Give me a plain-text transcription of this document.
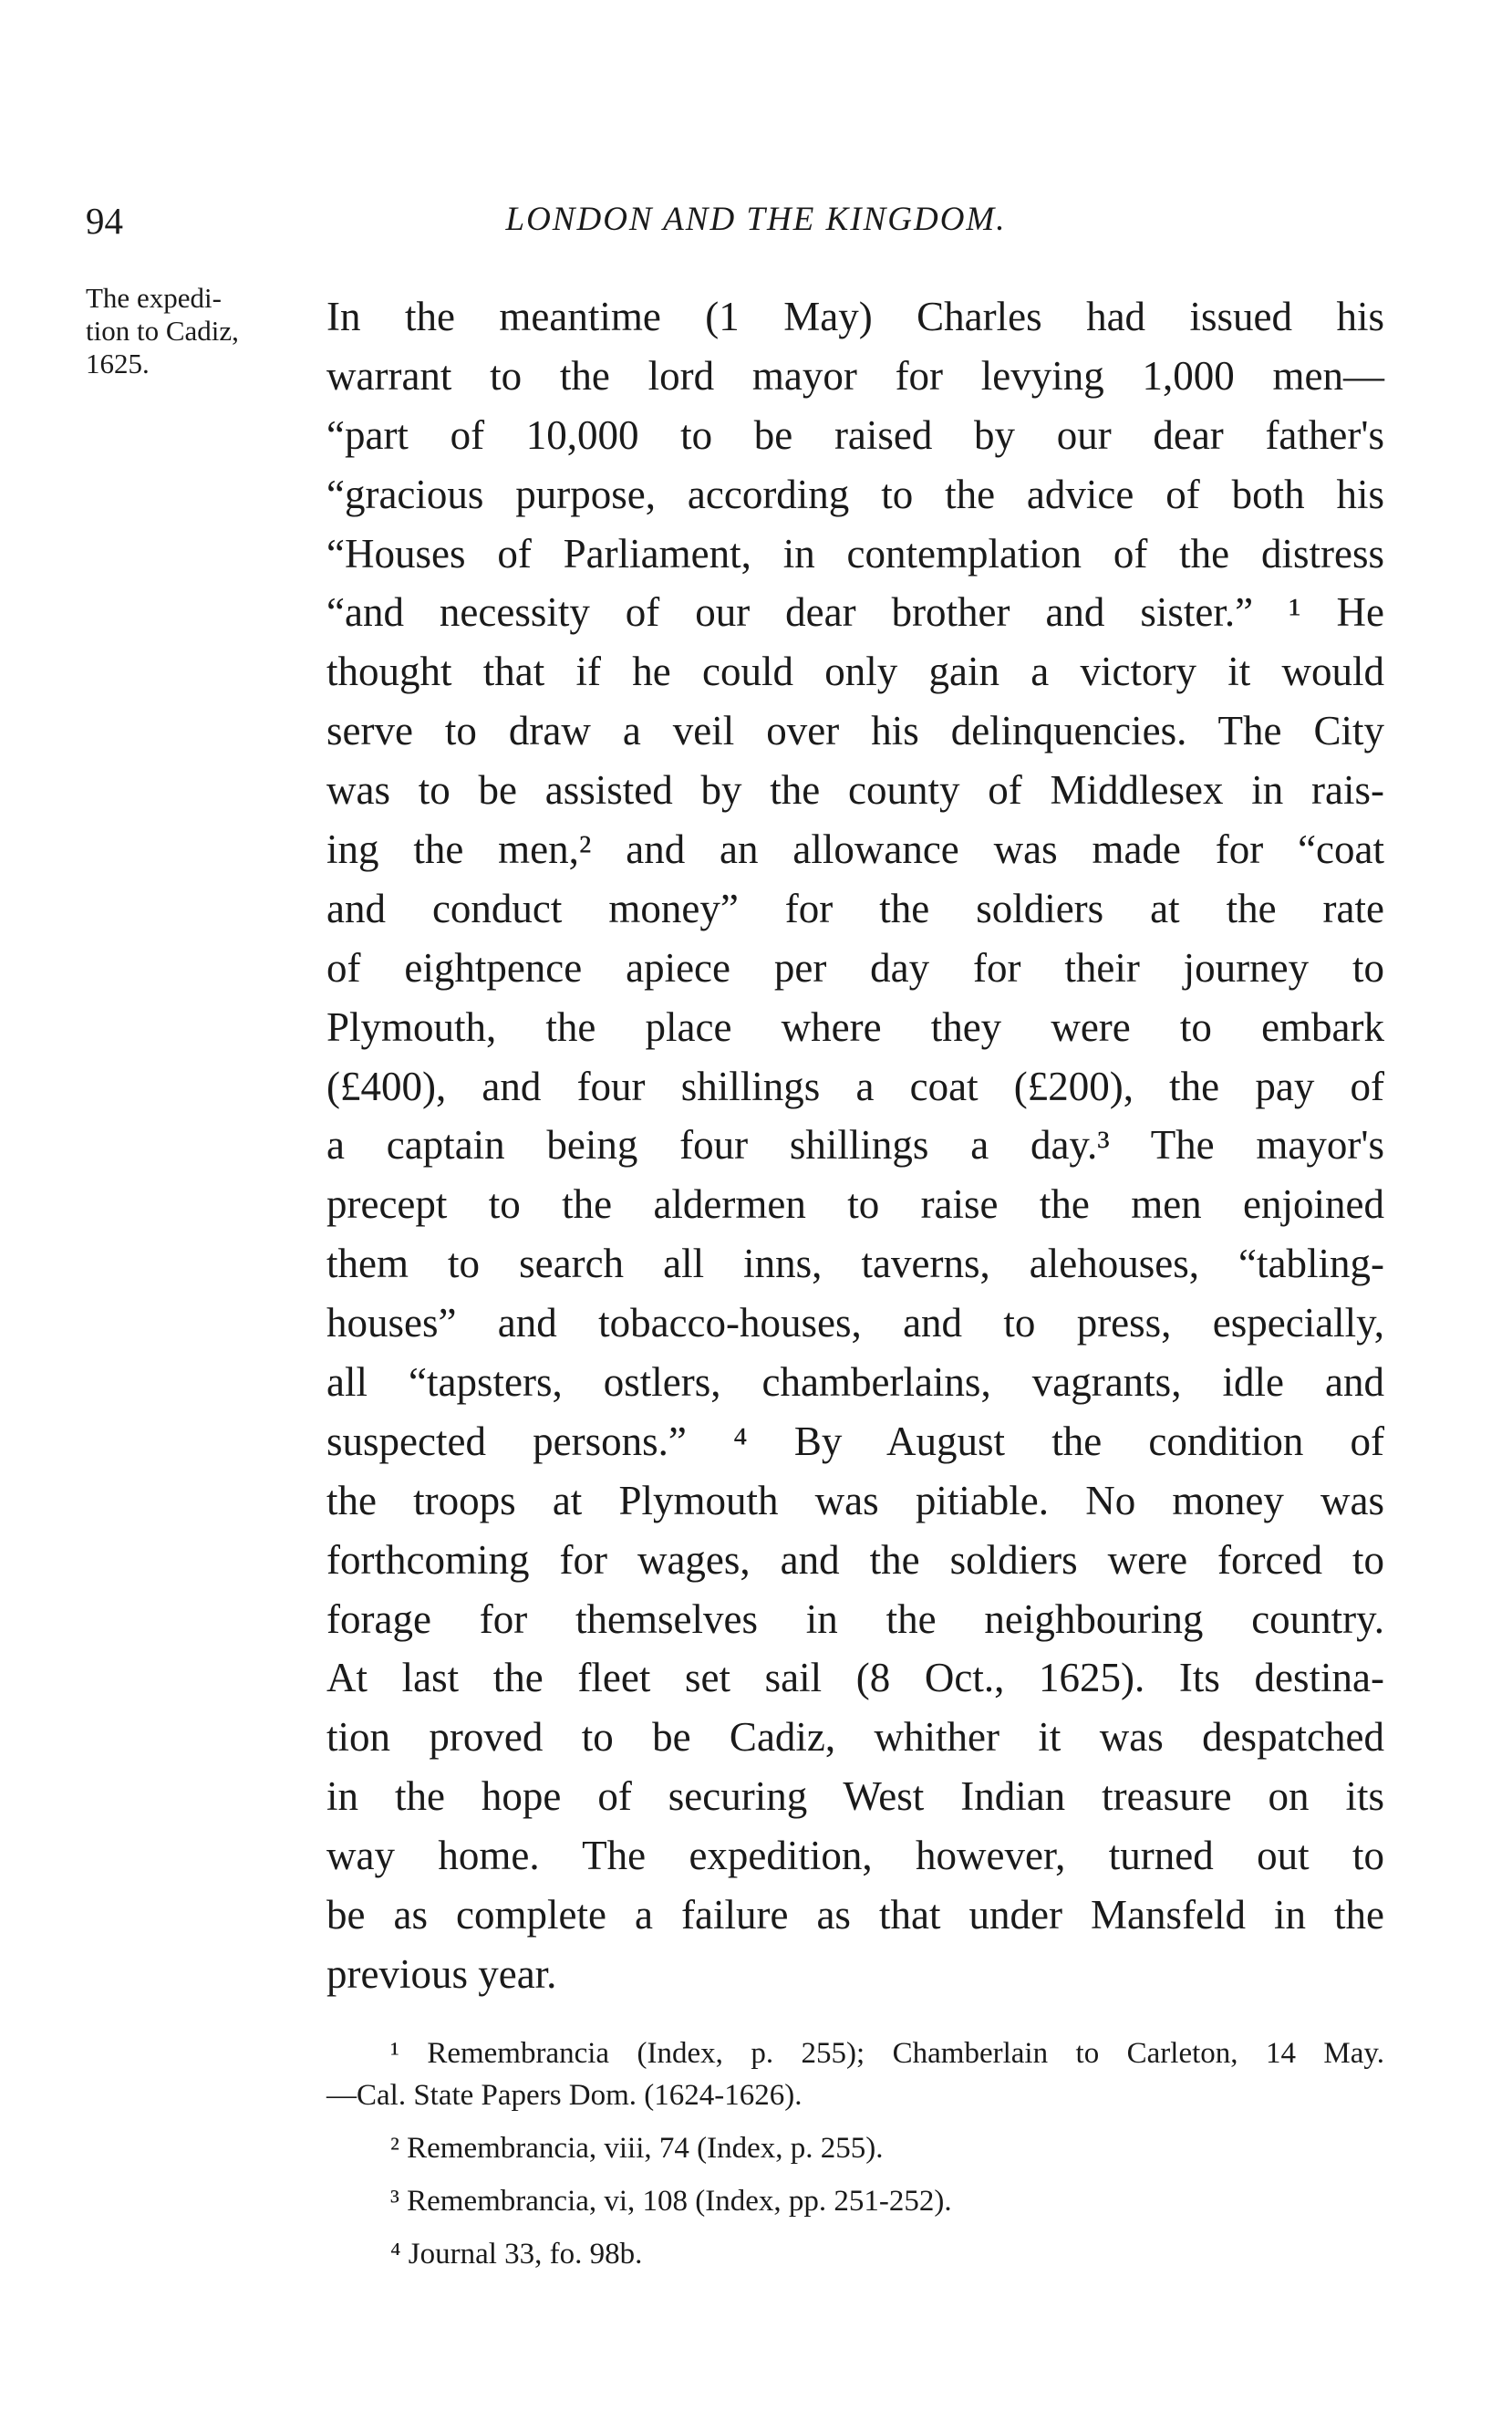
94	LONDON AND THE KINGDOM.
The expedi-
tion to Cadiz,
1625.
In the meantime (1 May) Charles had issued his
warrant to the lord mayor for levying 1,000 men—
“part of 10,000 to be raised by our dear father's
“gracious purpose, according to the advice of both his
“Houses of Parliament, in contemplation of the distress
“and necessity of our dear brother and sister.” ¹ He
thought that if he could only gain a victory it would
serve to draw a veil over his delinquencies. The City
was to be assisted by the county of Middlesex in rais-
ing the men,² and an allowance was made for “coat
and conduct money” for the soldiers at the rate
of eightpence apiece per day for their journey to
Plymouth, the place where they were to embark
(£400), and four shillings a coat (£200), the pay of
a captain being four shillings a day.³ The mayor's
precept to the aldermen to raise the men enjoined
them to search all inns, taverns, alehouses, “tabling-
houses” and tobacco-houses, and to press, especially,
all “tapsters, ostlers, chamberlains, vagrants, idle and
suspected persons.” ⁴ By August the condition of
the troops at Plymouth was pitiable. No money was
forthcoming for wages, and the soldiers were forced to
forage for themselves in the neighbouring country.
At last the fleet set sail (8 Oct., 1625). Its destina-
tion proved to be Cadiz, whither it was despatched
in the hope of securing West Indian treasure on its
way home. The expedition, however, turned out to
be as complete a failure as that under Mansfeld in the
previous year.
¹ Remembrancia (Index, p. 255); Chamberlain to Carleton, 14 May.
—Cal. State Papers Dom. (1624-1626).
² Remembrancia, viii, 74 (Index, p. 255).
³ Remembrancia, vi, 108 (Index, pp. 251-252).
⁴ Journal 33, fo. 98b.
